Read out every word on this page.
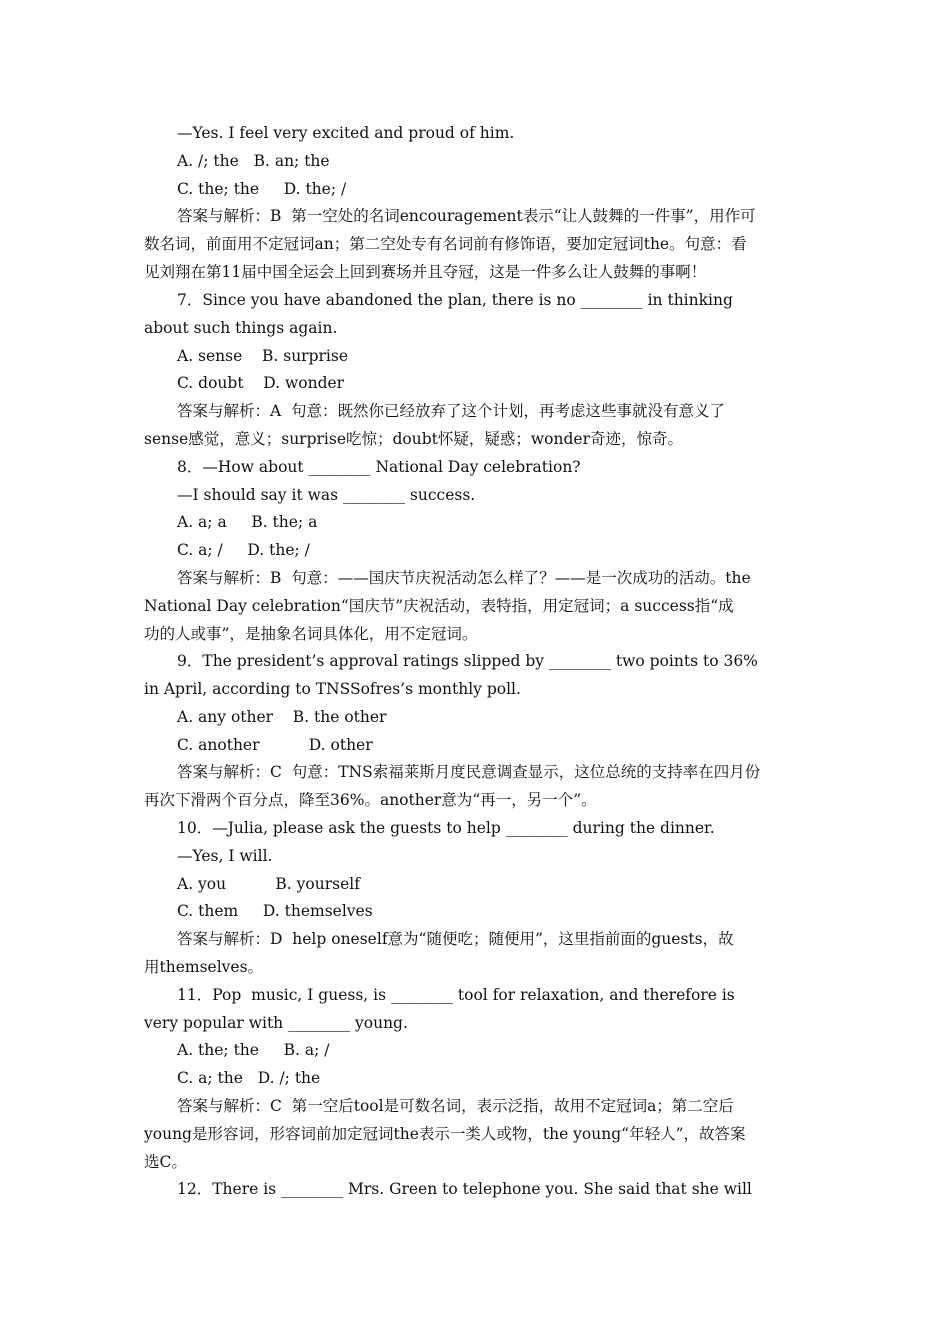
—Yes. I feel very excited and proud of him.
A. /; the   B. an; the
C. the; the     D. the; /
答案与解析：B  第一空处的名词encouragement表示“让人鼓舞的一件事”，用作可
数名词，前面用不定冠词an；第二空处专有名词前有修饰语，要加定冠词the。句意：看
见刘翔在第11届中国全运会上回到赛场并且夺冠，这是一件多么让人鼓舞的事啊！
7．Since you have abandoned the plan, there is no ________ in thinking
about such things again.
A. sense    B. surprise
C. doubt    D. wonder
答案与解析：A  句意：既然你已经放弃了这个计划，再考虑这些事就没有意义了
sense感觉，意义；surprise吃惊；doubt怀疑，疑惑；wonder奇迹，惊奇。
8．—How about ________ National Day celebration?
—I should say it was ________ success.
A. a; a     B. the; a
C. a; /     D. the; /
答案与解析：B  句意：——国庆节庆祝活动怎么样了？——是一次成功的活动。the
National Day celebration“国庆节”庆祝活动，表特指，用定冠词；a success指“成
功的人或事”，是抽象名词具体化，用不定冠词。
9．The president’s approval ratings slipped by ________ two points to 36%
in April, according to TNSSofres’s monthly poll.
A. any other    B. the other
C. another          D. other
答案与解析：C  句意：TNS索福莱斯月度民意调查显示，这位总统的支持率在四月份
再次下滑两个百分点，降至36%。another意为“再一，另一个”。
10．—Julia, please ask the guests to help ________ during the dinner.
—Yes, I will.
A. you          B. yourself
C. them     D. themselves
答案与解析：D  help oneself意为“随便吃；随便用”，这里指前面的guests，故
用themselves。
11．Pop  music, I guess, is ________ tool for relaxation, and therefore is
very popular with ________ young.
A. the; the     B. a; /
C. a; the   D. /; the
答案与解析：C  第一空后tool是可数名词，表示泛指，故用不定冠词a；第二空后
young是形容词，形容词前加定冠词the表示一类人或物，the young“年轻人”，故答案
选C。
12．There is ________ Mrs. Green to telephone you. She said that she will
